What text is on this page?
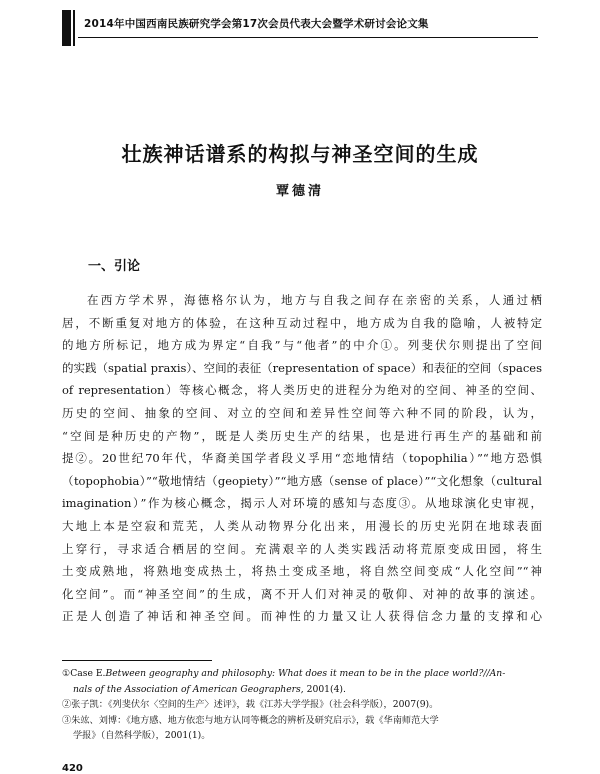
2014年中国西南民族研究学会第17次会员代表大会暨学术研讨会论文集
壮族神话谱系的构拟与神圣空间的生成
覃德清
一、引论
在西方学术界，海德格尔认为，地方与自我之间存在亲密的关系，人通过栖
居，不断重复对地方的体验，在这种互动过程中，地方成为自我的隐喻，人被特定
的地方所标记，地方成为界定“自我”与“他者”的中介①。列斐伏尔则提出了空间
的实践（spatial praxis）、空间的表征（representation of space）和表征的空间（spaces
of representation）等核心概念，将人类历史的进程分为绝对的空间、神圣的空间、
历史的空间、抽象的空间、对立的空间和差异性空间等六种不同的阶段，认为，
“空间是种历史的产物”，既是人类历史生产的结果，也是进行再生产的基础和前
提②。20世纪70年代，华裔美国学者段义孚用“恋地情结（topophilia）”“地方恐惧
（topophobia）”“敬地情结（geopiety）”“地方感（sense of place）”“文化想象（cultural
imagination）”作为核心概念，揭示人对环境的感知与态度③。从地球演化史审视，
大地上本是空寂和荒芜，人类从动物界分化出来，用漫长的历史光阴在地球表面
上穿行，寻求适合栖居的空间。充满艰辛的人类实践活动将荒原变成田园，将生
土变成熟地，将熟地变成热土，将热土变成圣地，将自然空间变成“人化空间”“神
化空间”。而“神圣空间”的生成，离不开人们对神灵的敬仰、对神的故事的演述。
正是人创造了神话和神圣空间。而神性的力量又让人获得信念力量的支撑和心
①Case E.Between geography and philosophy: What does it mean to be in the place world?//An-
nals of the Association of American Geographers, 2001(4).
②张子凯：《列斐伏尔〈空间的生产〉述评》，载《江苏大学学报》（社会科学版），2007(9)。
③朱竑、刘博：《地方感、地方依恋与地方认同等概念的辨析及研究启示》，载《华南师范大学
学报》（自然科学版），2001(1)。
420
